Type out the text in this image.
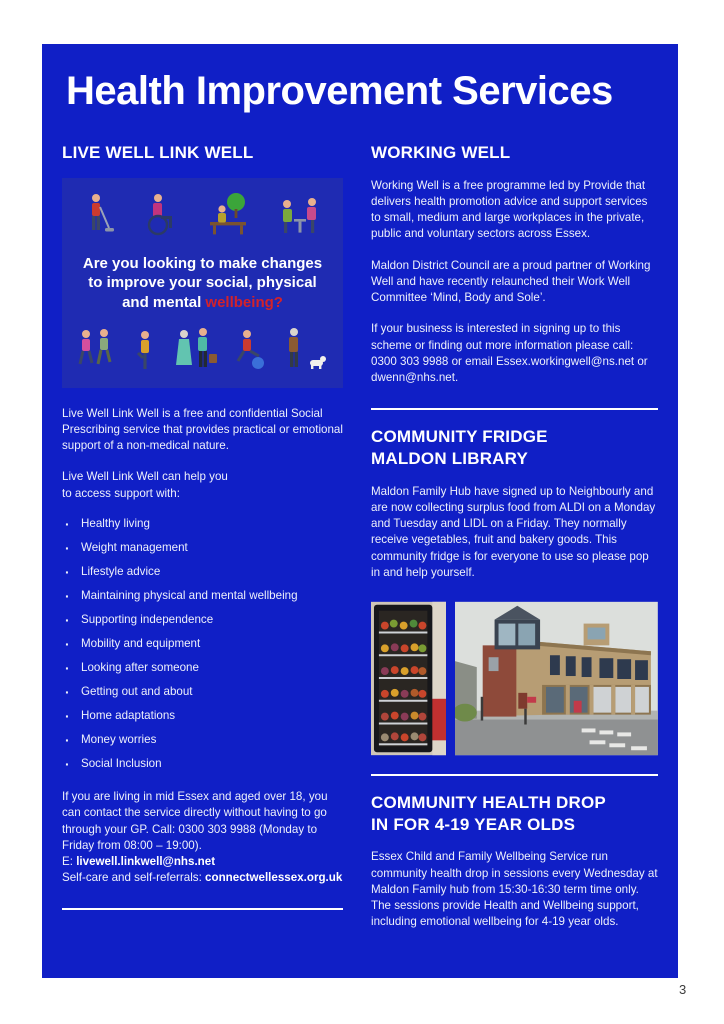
Health Improvement Services
LIVE WELL LINK WELL
Are you looking to make changes
to improve your social, physical
and mental wellbeing?

Live Well Link Well is a free and confidential Social Prescribing service that provides practical or emotional support of a non-medical nature.

Live Well Link Well can help you
to access support with:

· Healthy living
· Weight management
· Lifestyle advice
· Maintaining physical and mental wellbeing
· Supporting independence
· Mobility and equipment
· Looking after someone
· Getting out and about
· Home adaptations
· Money worries
· Social Inclusion

If you are living in mid Essex and aged over 18, you can contact the service directly without having to go through your GP. Call: 0300 303 9988 (Monday to Friday from 08:00 – 19:00).
E: livewell.linkwell@nhs.net
Self-care and self-referrals: connectwellessex.org.uk

WORKING WELL

Working Well is a free programme led by Provide that delivers health promotion advice and support services to small, medium and large workplaces in the private, public and voluntary sectors across Essex.

Maldon District Council are a proud partner of Working Well and have recently relaunched their Work Well Committee ‘Mind, Body and Sole’.

If your business is interested in signing up to this scheme or finding out more information please call: 0300 303 9988 or email Essex.workingwell@ns.net or dwenn@nhs.net.

COMMUNITY FRIDGE
MALDON LIBRARY

Maldon Family Hub have signed up to Neighbourly and are now collecting surplus food from ALDI on a Monday and Tuesday and LIDL on a Friday. They normally receive vegetables, fruit and bakery goods. This community fridge is for everyone to use so please pop in and help yourself.

COMMUNITY HEALTH DROP
IN FOR 4-19 YEAR OLDS

Essex Child and Family Wellbeing Service run community health drop in sessions every Wednesday at Maldon Family hub from 15:30-16:30 term time only. The sessions provide Health and Wellbeing support, including emotional wellbeing for 4-19 year olds.

3
